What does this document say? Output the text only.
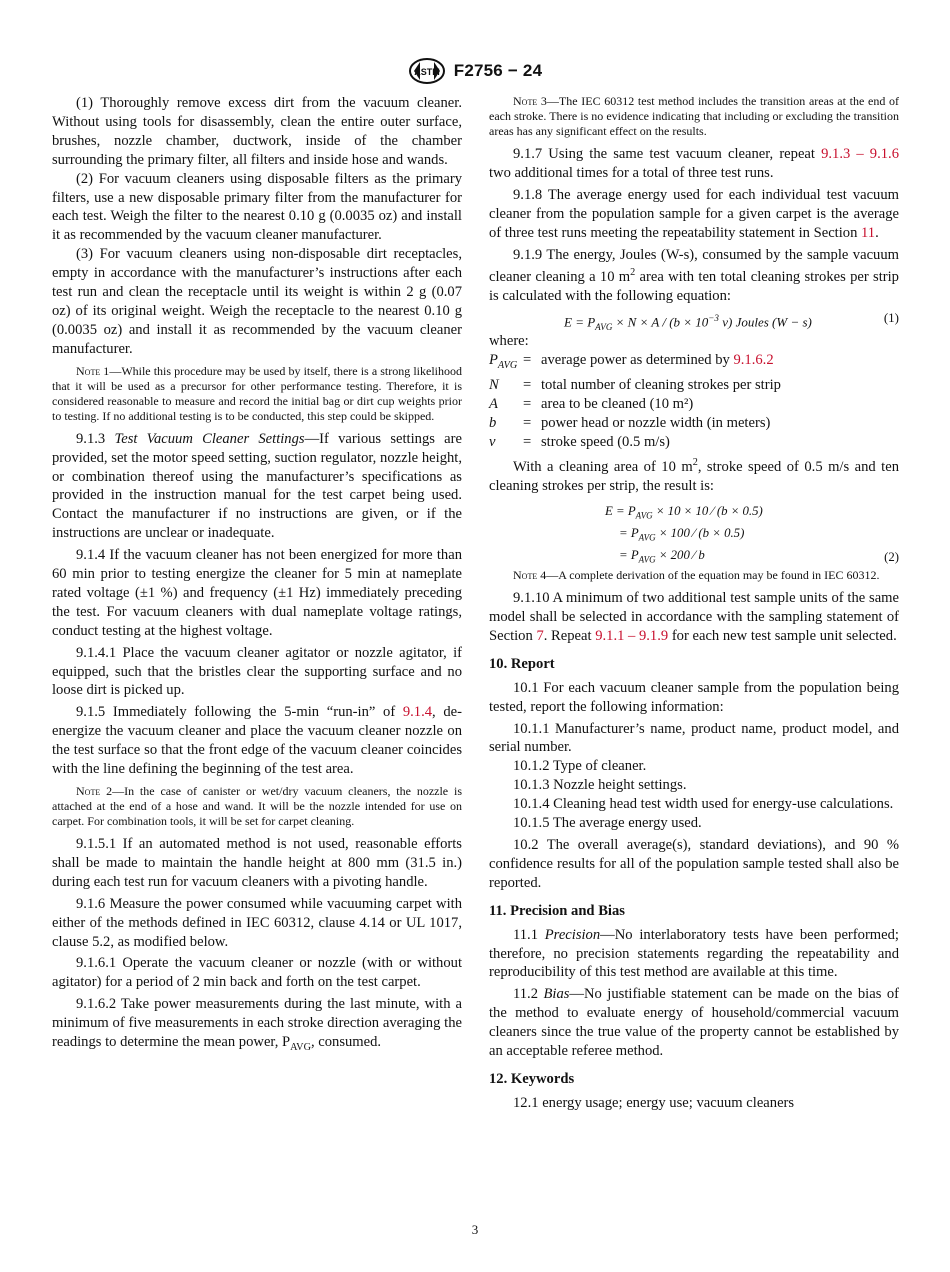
ASTM F2756 − 24

(1) Thoroughly remove excess dirt from the vacuum cleaner. Without using tools for disassembly, clean the entire outer surface, brushes, nozzle chamber, ductwork, inside of the chamber surrounding the primary filter, all filters and inside hose and wands.

(2) For vacuum cleaners using disposable filters as the primary filters, use a new disposable primary filter from the manufacturer for each test. Weigh the filter to the nearest 0.10 g (0.0035 oz) and install it as recommended by the vacuum cleaner manufacturer.

(3) For vacuum cleaners using non-disposable dirt receptacles, empty in accordance with the manufacturer’s instructions after each test run and clean the receptacle until its weight is within 2 g (0.07 oz) of its original weight. Weigh the receptacle to the nearest 0.10 g (0.0035 oz) and install it as recommended by the vacuum cleaner manufacturer.

Note 1—While this procedure may be used by itself, there is a strong likelihood that it will be used as a precursor for other performance testing. Therefore, it is considered reasonable to measure and record the initial bag or dirt cup weights prior to testing. If no additional testing is to be conducted, this step could be skipped.

9.1.3 Test Vacuum Cleaner Settings—If various settings are provided, set the motor speed setting, suction regulator, nozzle height, or combination thereof using the manufacturer’s specifications as provided in the instruction manual for the test carpet being used. Contact the manufacturer if no instructions are given, or if the instructions are unclear or inadequate.

9.1.4 If the vacuum cleaner has not been energized for more than 60 min prior to testing energize the cleaner for 5 min at nameplate rated voltage (±1 %) and frequency (±1 Hz) immediately preceding the test. For vacuum cleaners with dual nameplate voltage ratings, conduct testing at the highest voltage.

9.1.4.1 Place the vacuum cleaner agitator or nozzle agitator, if equipped, such that the bristles clear the supporting surface and no loose dirt is picked up.

9.1.5 Immediately following the 5-min “run-in” of 9.1.4, de-energize the vacuum cleaner and place the vacuum cleaner nozzle on the test surface so that the front edge of the vacuum cleaner coincides with the line defining the beginning of the test area.

Note 2—In the case of canister or wet/dry vacuum cleaners, the nozzle is attached at the end of a hose and wand. It will be the nozzle intended for use on carpet. For combination tools, it will be set for carpet cleaning.

9.1.5.1 If an automated method is not used, reasonable efforts shall be made to maintain the handle height at 800 mm (31.5 in.) during each test run for vacuum cleaners with a pivoting handle.

9.1.6 Measure the power consumed while vacuuming carpet with either of the methods defined in IEC 60312, clause 4.14 or UL 1017, clause 5.2, as modified below.

9.1.6.1 Operate the vacuum cleaner or nozzle (with or without agitator) for a period of 2 min back and forth on the test carpet.

9.1.6.2 Take power measurements during the last minute, with a minimum of five measurements in each stroke direction averaging the readings to determine the mean power, $P_{AVG}$, consumed.

Note 3—The IEC 60312 test method includes the transition areas at the end of each stroke. There is no evidence indicating that including or excluding the transition areas has any significant effect on the results.

9.1.7 Using the same test vacuum cleaner, repeat 9.1.3 – 9.1.6 two additional times for a total of three test runs.

9.1.8 The average energy used for each individual test vacuum cleaner from the population sample for a given carpet is the average of three test runs meeting the repeatability statement in Section 11.

9.1.9 The energy, Joules (W-s), consumed by the sample vacuum cleaner cleaning a 10 $m^2$ area with ten total cleaning strokes per strip is calculated with the following equation:

$E = P_{AVG} \times N \times A / (b \times 10^{-3}$ v) Joules (W − s)	(1)

where:

$P_{AVG}$ = average power as determined by 9.1.6.2
N	= total number of cleaning strokes per strip
A	= area to be cleaned (10 m²)
b	= power head or nozzle width (in meters)
v	= stroke speed (0.5 m/s)

With a cleaning area of 10 $m^2$, stroke speed of 0.5 m/s and ten cleaning strokes per strip, the result is:

$E = P_{AVG} \times 10 \times 10$ ⁄ (b × 0.5)
= $P_{AVG} \times 100$ ⁄ (b × 0.5)
= $P_{AVG} \times 200$ ⁄ b	(2)

Note 4—A complete derivation of the equation may be found in IEC 60312.

9.1.10 A minimum of two additional test sample units of the same model shall be selected in accordance with the sampling statement of Section 7. Repeat 9.1.1 – 9.1.9 for each new test sample unit selected.

10. Report

10.1 For each vacuum cleaner sample from the population being tested, report the following information:

10.1.1 Manufacturer’s name, product name, product model, and serial number.

10.1.2 Type of cleaner.

10.1.3 Nozzle height settings.

10.1.4 Cleaning head test width used for energy-use calculations.

10.1.5 The average energy used.

10.2 The overall average(s), standard deviations), and 90 % confidence results for all of the population sample tested shall also be reported.

11. Precision and Bias

11.1 Precision—No interlaboratory tests have been performed; therefore, no precision statements regarding the repeatability and reproducibility of this test method are available at this time.

11.2 Bias—No justifiable statement can be made on the bias of the method to evaluate energy of household/commercial vacuum cleaners since the true value of the property cannot be established by an acceptable referee method.

12. Keywords

12.1 energy usage; energy use; vacuum cleaners

3
